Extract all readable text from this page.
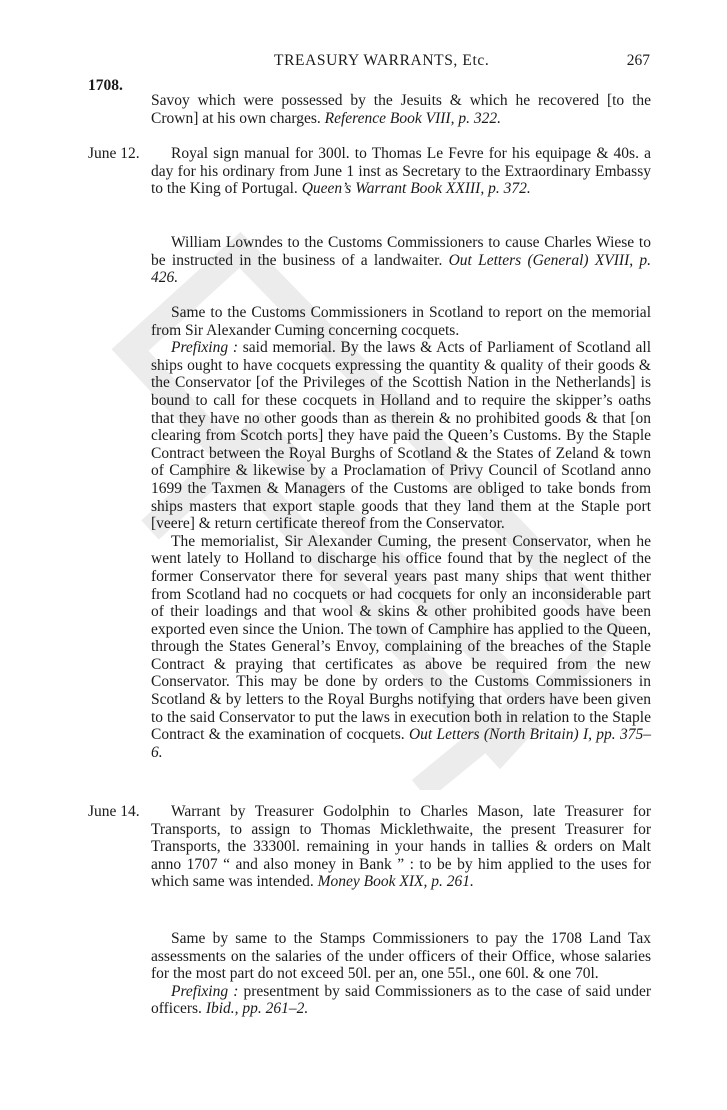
TREASURY WARRANTS, Etc.	267
1708.

Savoy which were possessed by the Jesuits & which he recovered [to the Crown] at his own charges. Reference Book VIII, p. 322.

June 12.	Royal sign manual for 300l. to Thomas Le Fevre for his equipage & 40s. a day for his ordinary from June 1 inst as Secretary to the Extraordinary Embassy to the King of Portugal. Queen’s Warrant Book XXIII, p. 372.

William Lowndes to the Customs Commissioners to cause Charles Wiese to be instructed in the business of a landwaiter. Out Letters (General) XVIII, p. 426.

Same to the Customs Commissioners in Scotland to report on the memorial from Sir Alexander Cuming concerning cocquets.

Prefixing : said memorial. By the laws & Acts of Parliament of Scotland all ships ought to have cocquets expressing the quantity & quality of their goods & the Conservator [of the Privileges of the Scottish Nation in the Netherlands] is bound to call for these cocquets in Holland and to require the skipper’s oaths that they have no other goods than as therein & no prohibited goods & that [on clearing from Scotch ports] they have paid the Queen’s Customs. By the Staple Contract between the Royal Burghs of Scotland & the States of Zeland & town of Camphire & likewise by a Proclamation of Privy Council of Scotland anno 1699 the Taxmen & Managers of the Customs are obliged to take bonds from ships masters that export staple goods that they land them at the Staple port [veere] & return certificate thereof from the Conservator.

The memorialist, Sir Alexander Cuming, the present Conservator, when he went lately to Holland to discharge his office found that by the neglect of the former Conservator there for several years past many ships that went thither from Scotland had no cocquets or had cocquets for only an inconsiderable part of their loadings and that wool & skins & other prohibited goods have been exported even since the Union. The town of Camphire has applied to the Queen, through the States General’s Envoy, complaining of the breaches of the Staple Contract & praying that certificates as above be required from the new Conservator. This may be done by orders to the Customs Commissioners in Scotland & by letters to the Royal Burghs notifying that orders have been given to the said Conservator to put the laws in execution both in relation to the Staple Contract & the examination of cocquets. Out Letters (North Britain) I, pp. 375–6.

June 14.	Warrant by Treasurer Godolphin to Charles Mason, late Treasurer for Transports, to assign to Thomas Micklethwaite, the present Treasurer for Transports, the 33300l. remaining in your hands in tallies & orders on Malt anno 1707 “ and also money in Bank ” : to be by him applied to the uses for which same was intended. Money Book XIX, p. 261.

Same by same to the Stamps Commissioners to pay the 1708 Land Tax assessments on the salaries of the under officers of their Office, whose salaries for the most part do not exceed 50l. per an, one 55l., one 60l. & one 70l.

Prefixing : presentment by said Commissioners as to the case of said under officers. Ibid., pp. 261–2.
